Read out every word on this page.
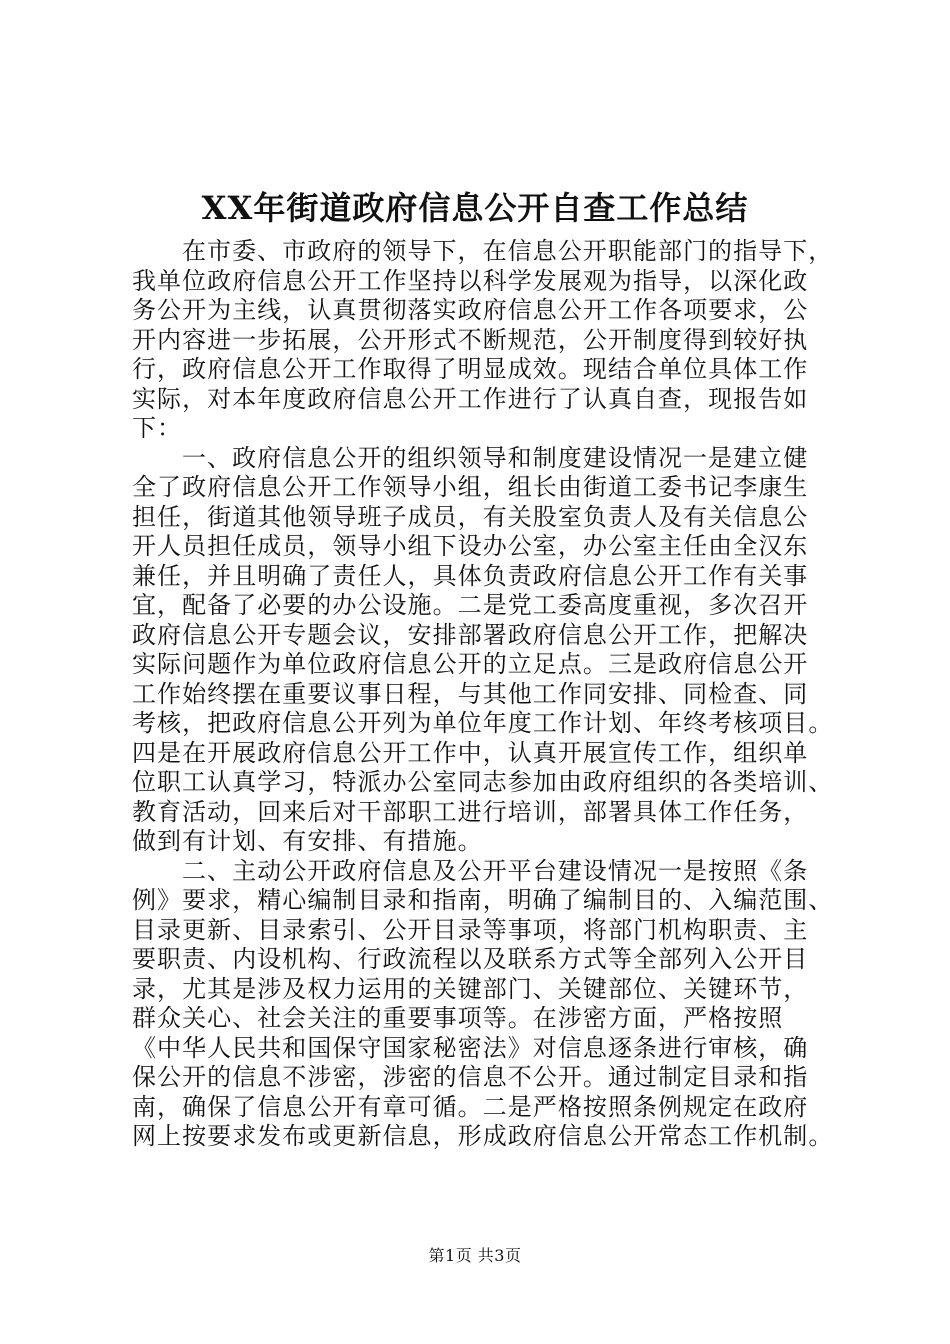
XX年街道政府信息公开自查工作总结

在市委、市政府的领导下，在信息公开职能部门的指导下，
我单位政府信息公开工作坚持以科学发展观为指导，以深化政
务公开为主线，认真贯彻落实政府信息公开工作各项要求，公
开内容进一步拓展，公开形式不断规范，公开制度得到较好执
行，政府信息公开工作取得了明显成效。现结合单位具体工作
实际，对本年度政府信息公开工作进行了认真自查，现报告如
下：

一、政府信息公开的组织领导和制度建设情况一是建立健
全了政府信息公开工作领导小组，组长由街道工委书记李康生
担任，街道其他领导班子成员，有关股室负责人及有关信息公
开人员担任成员，领导小组下设办公室，办公室主任由全汉东
兼任，并且明确了责任人，具体负责政府信息公开工作有关事
宜，配备了必要的办公设施。二是党工委高度重视，多次召开
政府信息公开专题会议，安排部署政府信息公开工作，把解决
实际问题作为单位政府信息公开的立足点。三是政府信息公开
工作始终摆在重要议事日程，与其他工作同安排、同检查、同
考核，把政府信息公开列为单位年度工作计划、年终考核项目。
四是在开展政府信息公开工作中，认真开展宣传工作，组织单
位职工认真学习，特派办公室同志参加由政府组织的各类培训、
教育活动，回来后对干部职工进行培训，部署具体工作任务，
做到有计划、有安排、有措施。

二、主动公开政府信息及公开平台建设情况一是按照《条
例》要求，精心编制目录和指南，明确了编制目的、入编范围、
目录更新、目录索引、公开目录等事项，将部门机构职责、主
要职责、内设机构、行政流程以及联系方式等全部列入公开目
录，尤其是涉及权力运用的关键部门、关键部位、关键环节，
群众关心、社会关注的重要事项等。在涉密方面，严格按照
《中华人民共和国保守国家秘密法》对信息逐条进行审核，确
保公开的信息不涉密，涉密的信息不公开。通过制定目录和指
南，确保了信息公开有章可循。二是严格按照条例规定在政府
网上按要求发布或更新信息，形成政府信息公开常态工作机制。

第1页 共3页
